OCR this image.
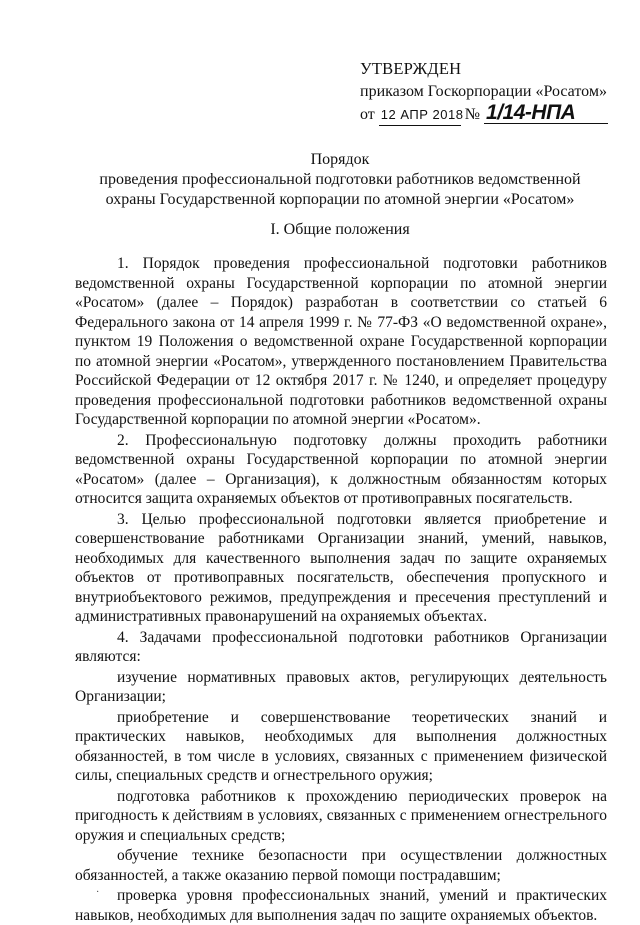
УТВЕРЖДЕН
приказом Госкорпорации «Росатом»
от 12 АПР 2018 № 1/14-НПА
Порядок
проведения профессиональной подготовки работников ведомственной
охраны Государственной корпорации по атомной энергии «Росатом»
I. Общие положения

1. Порядок проведения профессиональной подготовки работников ведомственной охраны Государственной корпорации по атомной энергии «Росатом» (далее – Порядок) разработан в соответствии со статьей 6 Федерального закона от 14 апреля 1999 г. № 77-ФЗ «О ведомственной охране», пунктом 19 Положения о ведомственной охране Государственной корпорации по атомной энергии «Росатом», утвержденного постановлением Правительства Российской Федерации от 12 октября 2017 г. № 1240, и определяет процедуру проведения профессиональной подготовки работников ведомственной охраны Государственной корпорации по атомной энергии «Росатом».

2. Профессиональную подготовку должны проходить работники ведомственной охраны Государственной корпорации по атомной энергии «Росатом» (далее – Организация), к должностным обязанностям которых относится защита охраняемых объектов от противоправных посягательств.

3. Целью профессиональной подготовки является приобретение и совершенствование работниками Организации знаний, умений, навыков, необходимых для качественного выполнения задач по защите охраняемых объектов от противоправных посягательств, обеспечения пропускного и внутриобъектового режимов, предупреждения и пресечения преступлений и административных правонарушений на охраняемых объектах.

4. Задачами профессиональной подготовки работников Организации являются:

изучение нормативных правовых актов, регулирующих деятельность Организации;

приобретение и совершенствование теоретических знаний и практических навыков, необходимых для выполнения должностных обязанностей, в том числе в условиях, связанных с применением физической силы, специальных средств и огнестрельного оружия;

подготовка работников к прохождению периодических проверок на пригодность к действиям в условиях, связанных с применением огнестрельного оружия и специальных средств;

обучение технике безопасности при осуществлении должностных обязанностей, а также оказанию первой помощи пострадавшим;

проверка уровня профессиональных знаний, умений и практических навыков, необходимых для выполнения задач по защите охраняемых объектов.

·
